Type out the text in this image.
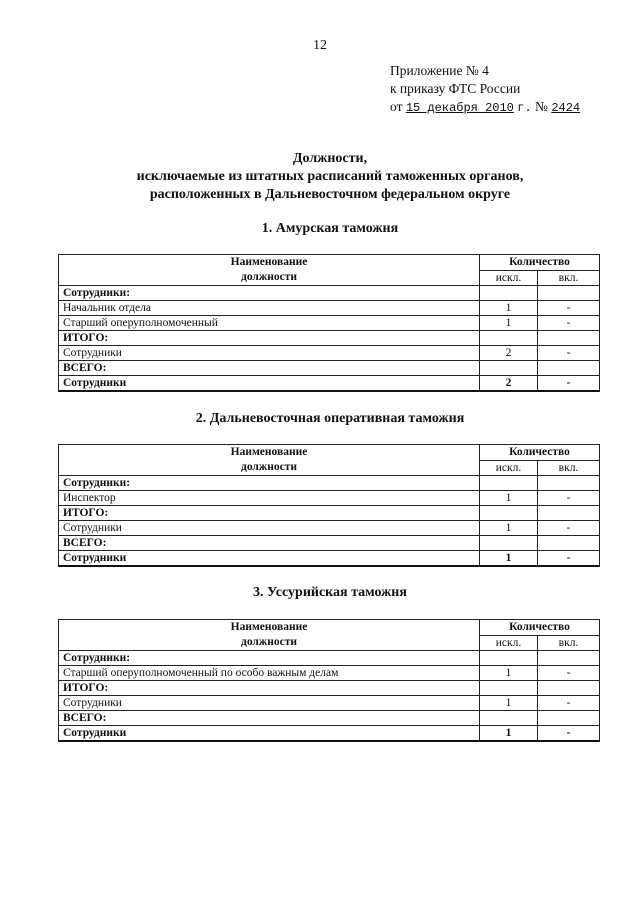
12
Приложение № 4
к приказу ФТС России
от 15 декабря 2010 г. № 2424
Должности,
исключаемые из штатных расписаний таможенных органов,
расположенных в Дальневосточном федеральном округе
1. Амурская таможня
Наименование
должности	Количество	
	искл.	вкл.
Сотрудники:		
Начальник отдела	1	-
Старший оперуполномоченный	1	-
ИТОГО:		
Сотрудники	2	-
ВСЕГО:		
Сотрудники	2	-
2. Дальневосточная оперативная таможня
Наименование
должности	Количество	
	искл.	вкл.
Сотрудники:		
Инспектор	1	-
ИТОГО:		
Сотрудники	1	-
ВСЕГО:		
Сотрудники	1	-
3. Уссурийская таможня
Наименование
должности	Количество	
	искл.	вкл.
Сотрудники:		
Старший оперуполномоченный по особо важным делам	1	-
ИТОГО:		
Сотрудники	1	-
ВСЕГО:		
Сотрудники	1	-
